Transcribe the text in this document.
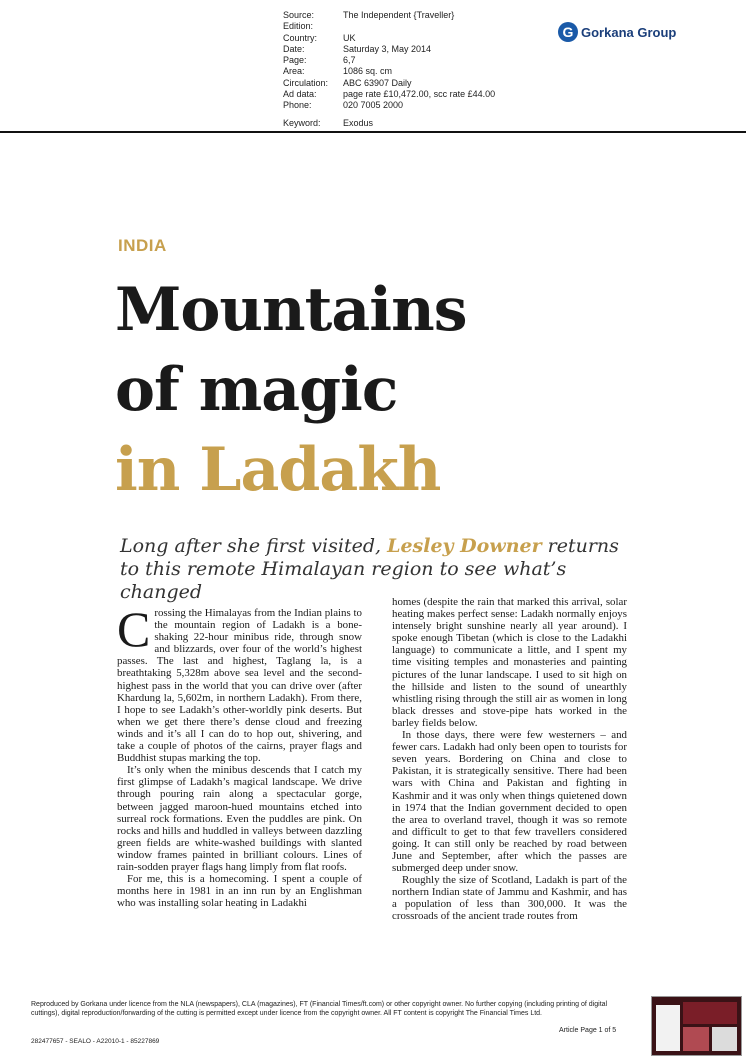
Source:	The Independent {Traveller}
Edition:
Country:	UK
Date:	Saturday 3, May 2014
Page:	6,7
Area:	1086 sq. cm
Circulation:	ABC 63907 Daily
Ad data:	page rate £10,472.00, scc rate £44.00
Phone:	020 7005 2000
Keyword:	Exodus
G Gorkana Group
INDIA
Mountains
of magic
in Ladakh
Long after she first visited, Lesley Downer returns to this remote Himalayan region to see what’s changed

Crossing the Himalayas from the Indian plains to the mountain region of Ladakh is a bone-shaking 22-hour minibus ride, through snow and blizzards, over four of the world’s highest passes. The last and highest, Taglang la, is a breathtaking 5,328m above sea level and the second-highest pass in the world that you can drive over (after Khardung la, 5,602m, in northern Ladakh). From there, I hope to see Ladakh’s other-worldly pink deserts. But when we get there there’s dense cloud and freezing winds and it’s all I can do to hop out, shivering, and take a couple of photos of the cairns, prayer flags and Buddhist stupas marking the top.

It’s only when the minibus descends that I catch my first glimpse of Ladakh’s magical landscape. We drive through pouring rain along a spectacular gorge, between jagged maroon-hued mountains etched into surreal rock formations. Even the puddles are pink. On rocks and hills and huddled in valleys between dazzling green fields are white-washed buildings with slanted window frames painted in brilliant colours. Lines of rain-sodden prayer flags hang limply from flat roofs.

For me, this is a homecoming. I spent a couple of months here in 1981 in an inn run by an Englishman who was installing solar heating in Ladakhi

homes (despite the rain that marked this arrival, solar heating makes perfect sense: Ladakh normally enjoys intensely bright sunshine nearly all year around). I spoke enough Tibetan (which is close to the Ladakhi language) to communicate a little, and I spent my time visiting temples and monasteries and painting pictures of the lunar landscape. I used to sit high on the hillside and listen to the sound of unearthly whistling rising through the still air as women in long black dresses and stove-pipe hats worked in the barley fields below.

In those days, there were few westerners – and fewer cars. Ladakh had only been open to tourists for seven years. Bordering on China and close to Pakistan, it is strategically sensitive. There had been wars with China and Pakistan and fighting in Kashmir and it was only when things quietened down in 1974 that the Indian government decided to open the area to overland travel, though it was so remote and difficult to get to that few travellers considered going. It can still only be reached by road between June and September, after which the passes are submerged deep under snow.

Roughly the size of Scotland, Ladakh is part of the northern Indian state of Jammu and Kashmir, and has a population of less than 300,000. It was the crossroads of the ancient trade routes from

Reproduced by Gorkana under licence from the NLA (newspapers), CLA (magazines), FT (Financial Times/ft.com) or other copyright owner. No further copying (including printing of digital cuttings), digital reproduction/forwarding of the cutting is permitted except under licence from the copyright owner. All FT content is copyright The Financial Times Ltd.
Article Page 1 of 5
282477657 - SEALO - A22010-1 - 85227869
